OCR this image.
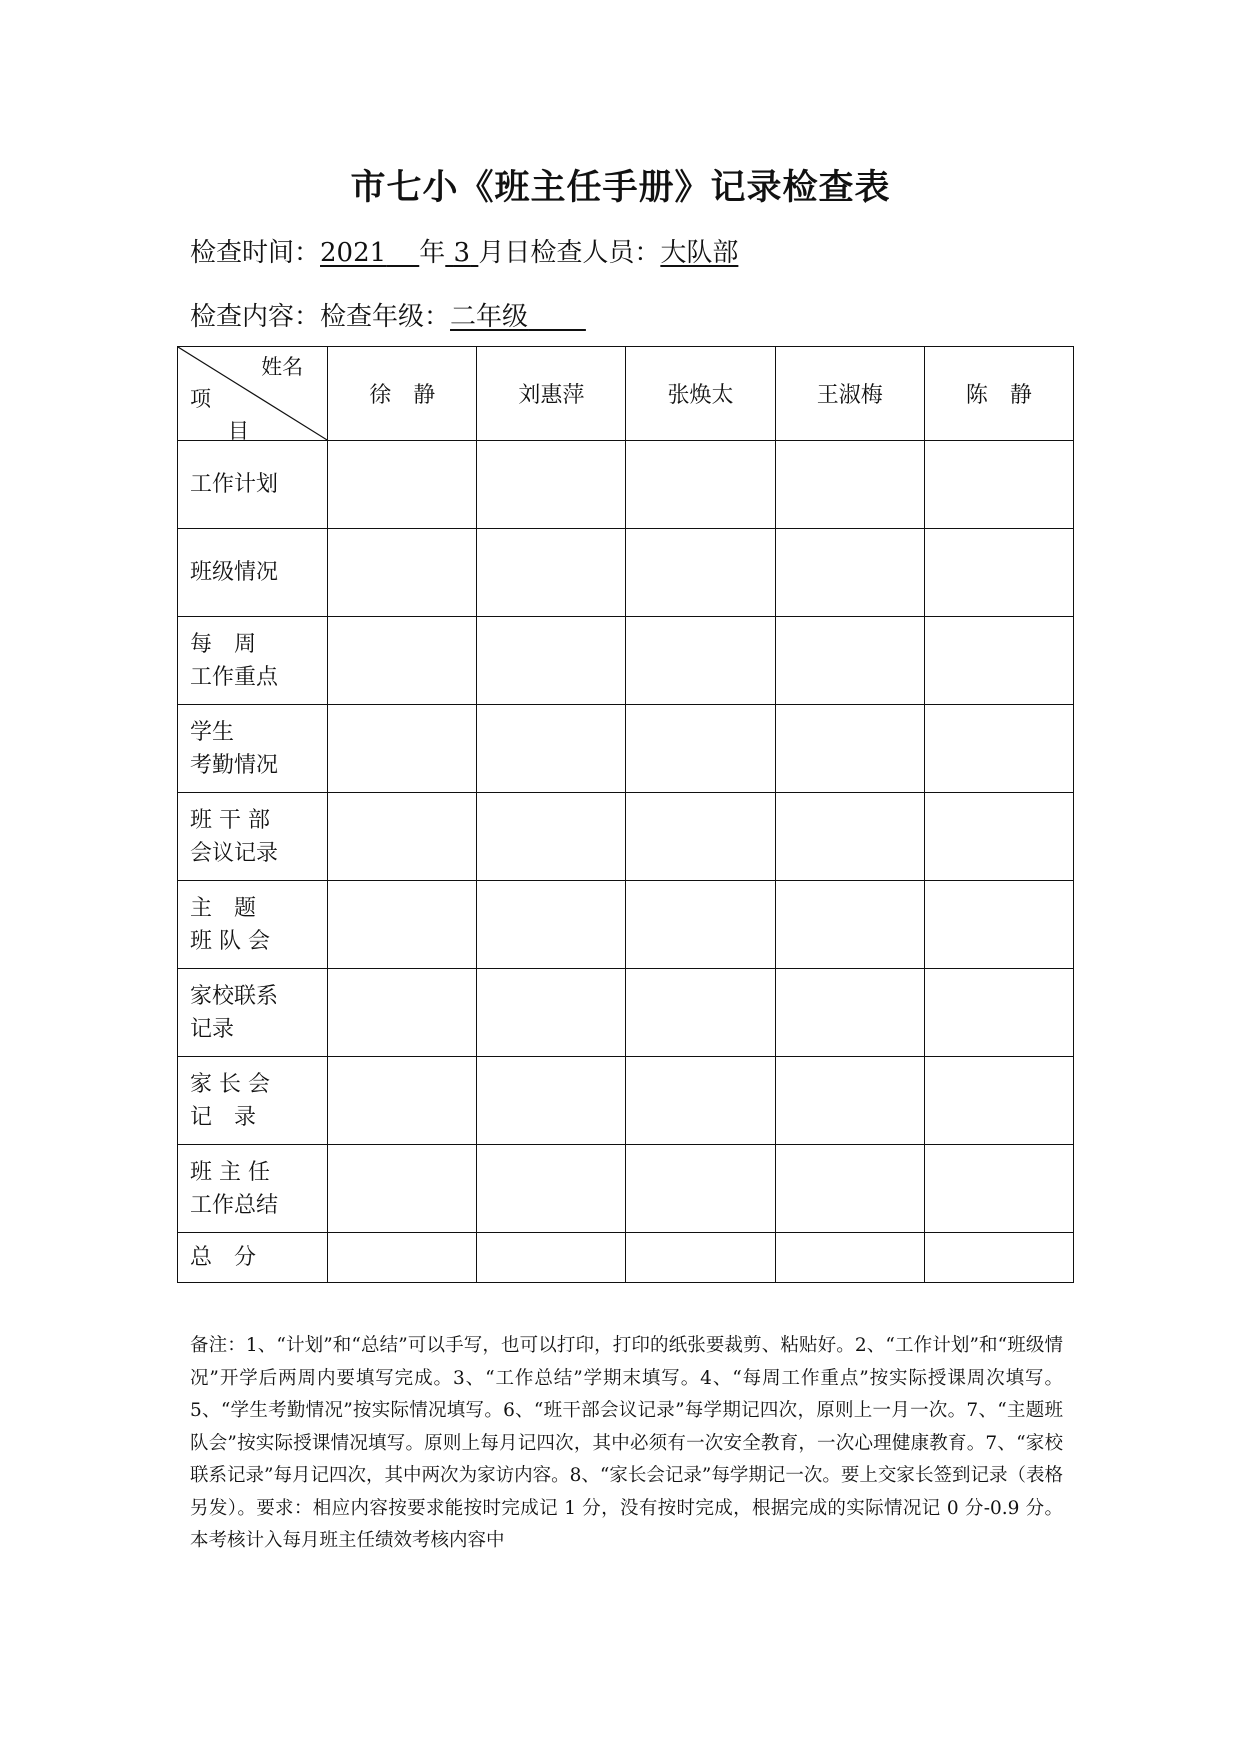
市七小《班主任手册》记录检查表
检查时间：2021 年 3 月日检查人员：大队部
检查内容：检查年级：二年级
姓名
项
目	徐　静	刘惠萍	张焕太	王淑梅	陈　静

工作计划					

班级情况					

每　周
工作重点					

学生
考勤情况					

班 干 部
会议记录					

主　题
班 队 会					

家校联系
记录					

家 长 会
记　录					

班 主 任
工作总结					

总　分					

备注：1、“计划”和“总结”可以手写，也可以打印，打印的纸张要裁剪、粘贴好。2、“工作计划”和“班级情况”开学后两周内要填写完成。3、“工作总结”学期末填写。4、“每周工作重点”按实际授课周次填写。5、“学生考勤情况”按实际情况填写。6、“班干部会议记录”每学期记四次，原则上一月一次。7、“主题班队会”按实际授课情况填写。原则上每月记四次，其中必须有一次安全教育，一次心理健康教育。7、“家校联系记录”每月记四次，其中两次为家访内容。8、“家长会记录”每学期记一次。要上交家长签到记录（表格另发）。要求：相应内容按要求能按时完成记 1 分，没有按时完成，根据完成的实际情况记 0 分-0.9 分。本考核计入每月班主任绩效考核内容中
